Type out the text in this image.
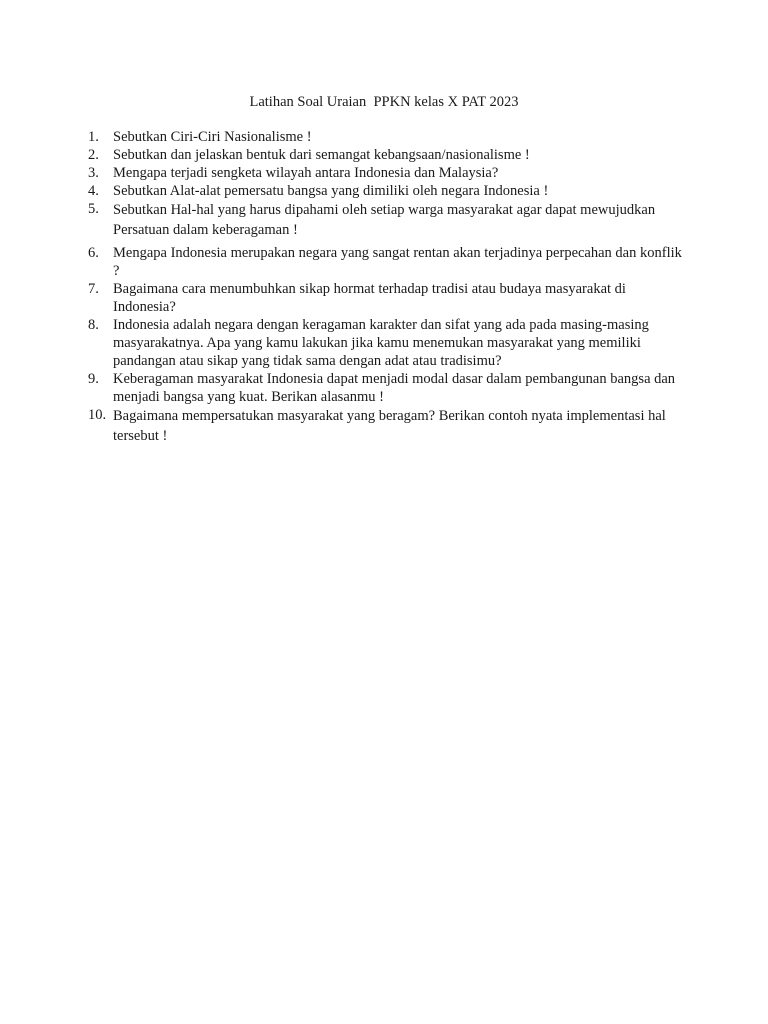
Latihan Soal Uraian  PPKN kelas X PAT 2023
1. Sebutkan Ciri-Ciri Nasionalisme !
2. Sebutkan dan jelaskan bentuk dari semangat kebangsaan/nasionalisme !
3. Mengapa terjadi sengketa wilayah antara Indonesia dan Malaysia?
4. Sebutkan Alat-alat pemersatu bangsa yang dimiliki oleh negara Indonesia !
5. Sebutkan Hal-hal yang harus dipahami oleh setiap warga masyarakat agar dapat mewujudkan Persatuan dalam keberagaman !
6. Mengapa Indonesia merupakan negara yang sangat rentan akan terjadinya perpecahan dan konflik ?
7. Bagaimana cara menumbuhkan sikap hormat terhadap tradisi atau budaya masyarakat di Indonesia?
8. Indonesia adalah negara dengan keragaman karakter dan sifat yang ada pada masing-masing masyarakatnya. Apa yang kamu lakukan jika kamu menemukan masyarakat yang memiliki pandangan atau sikap yang tidak sama dengan adat atau tradisimu?
9. Keberagaman masyarakat Indonesia dapat menjadi modal dasar dalam pembangunan bangsa dan menjadi bangsa yang kuat. Berikan alasanmu !
10. Bagaimana mempersatukan masyarakat yang beragam? Berikan contoh nyata implementasi hal tersebut !
